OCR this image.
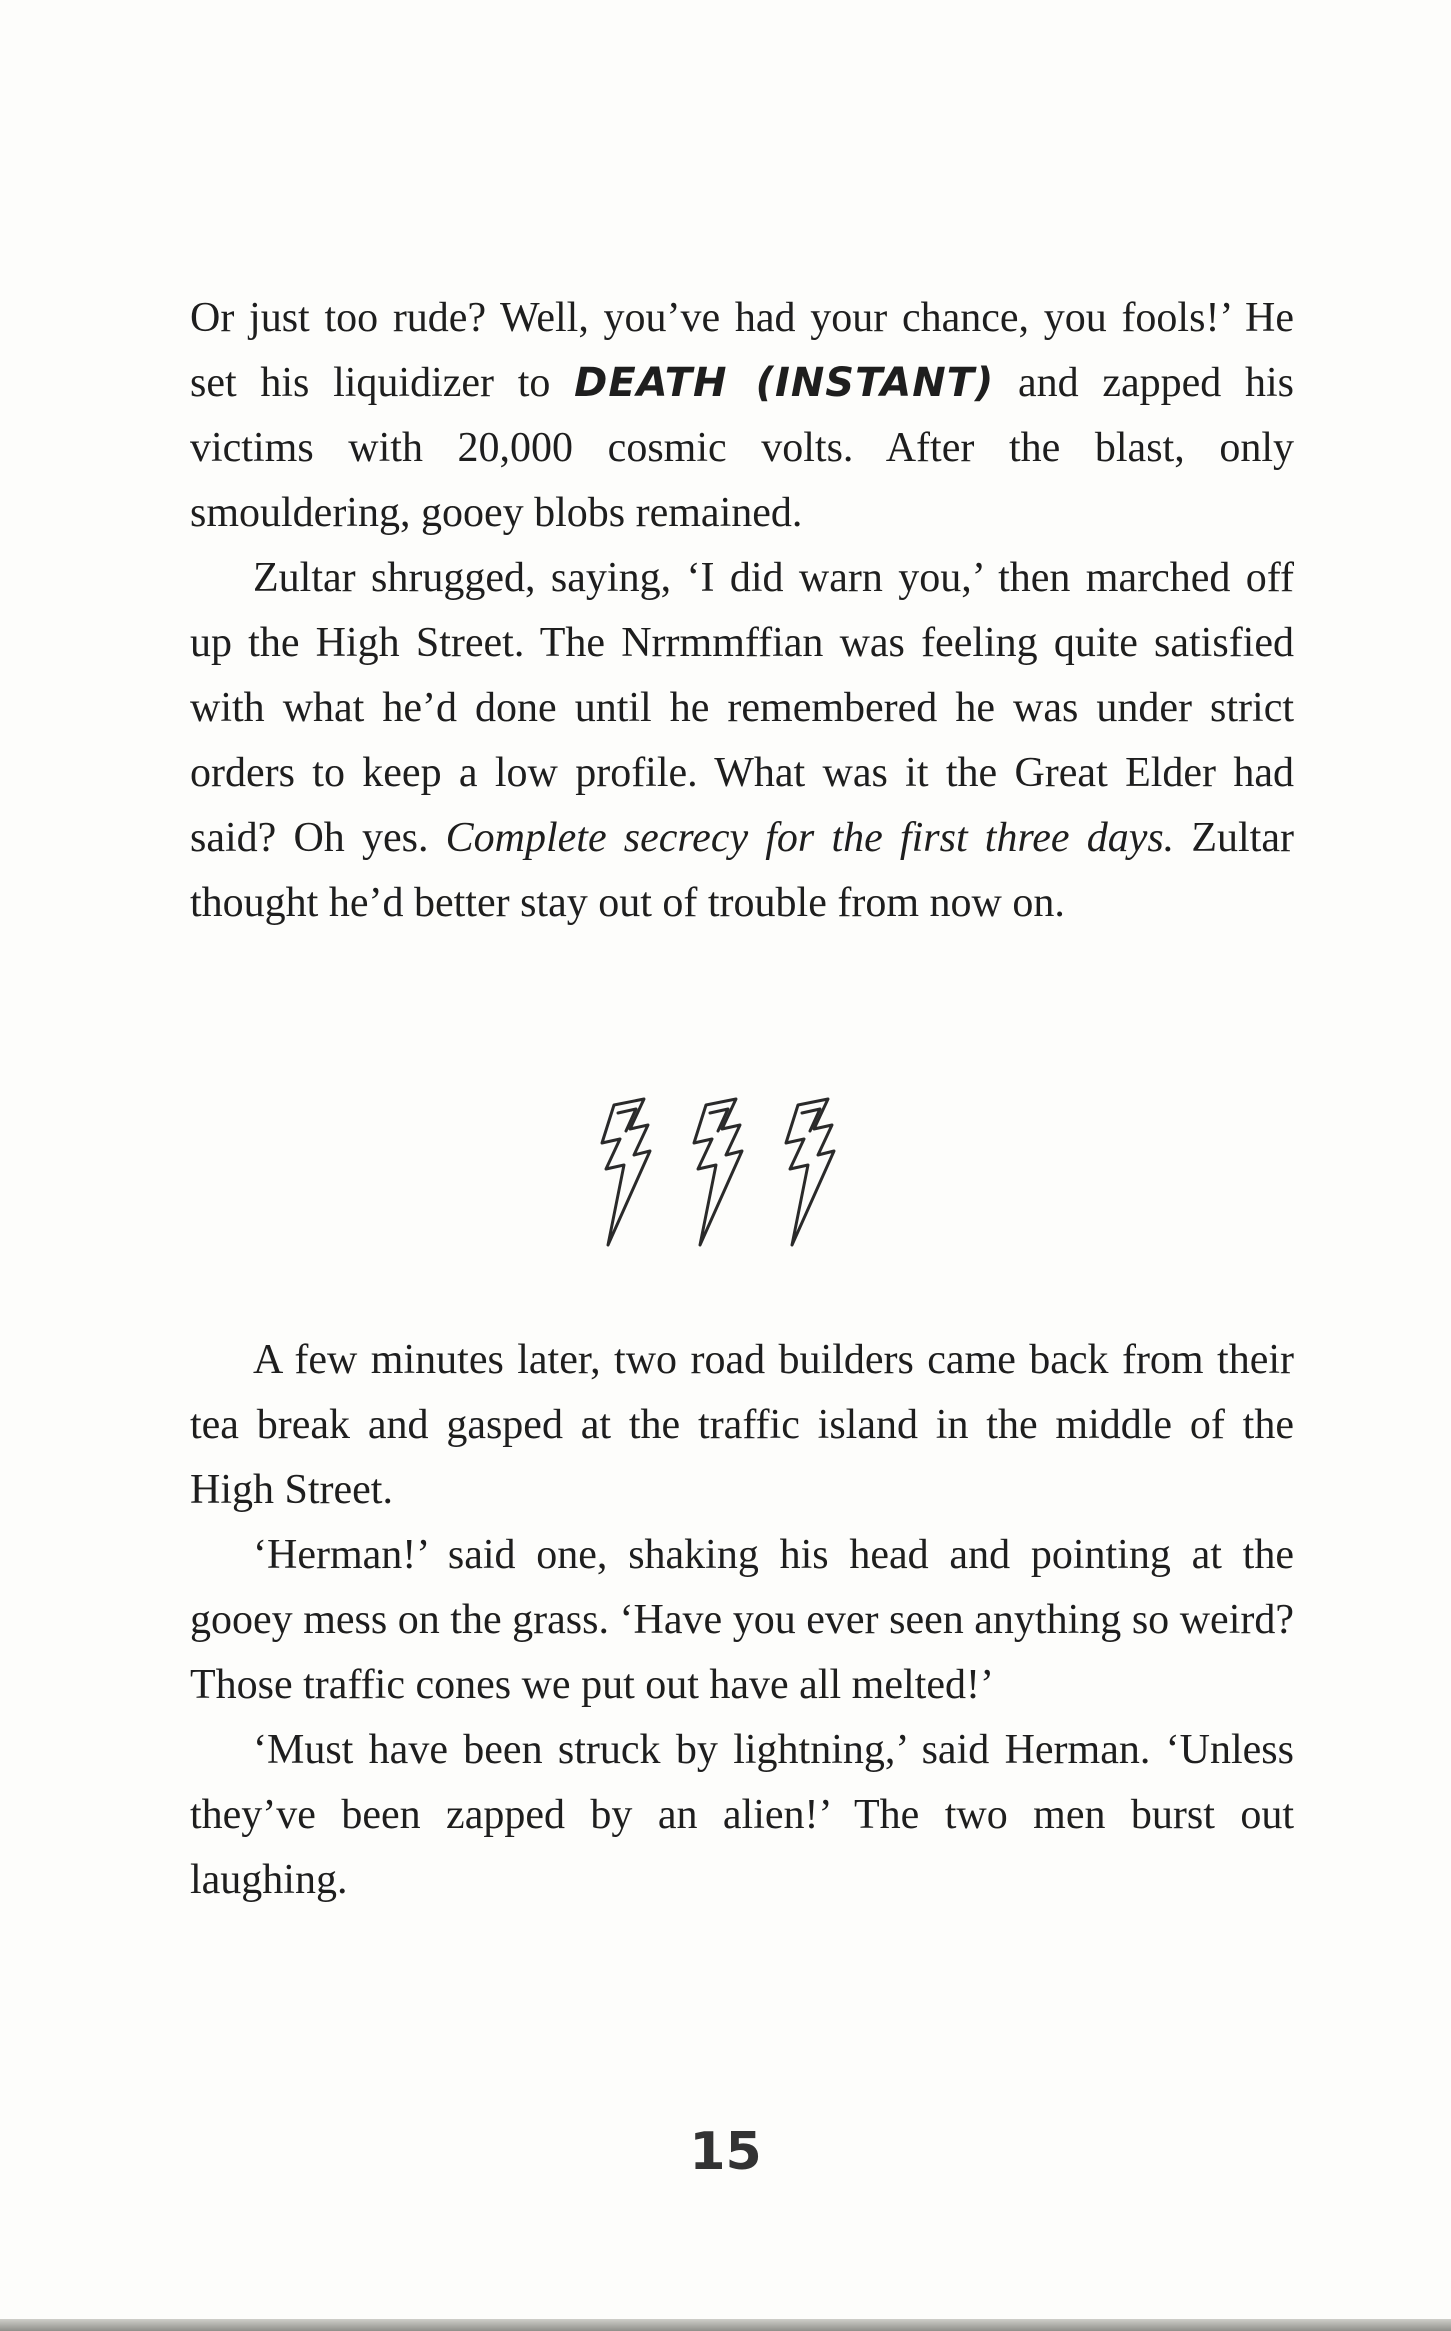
Or just too rude? Well, you’ve had your chance, you fools!’ He set his liquidizer to DEATH (INSTANT) and zapped his victims with 20,000 cosmic volts. After the blast, only smouldering, gooey blobs remained.

Zultar shrugged, saying, ‘I did warn you,’ then marched off up the High Street. The Nrrmmffian was feeling quite satisfied with what he’d done until he remembered he was under strict orders to keep a low profile. What was it the Great Elder had said? Oh yes. Complete secrecy for the first three days. Zultar thought he’d better stay out of trouble from now on.

A few minutes later, two road builders came back from their tea break and gasped at the traffic island in the middle of the High Street.

‘Herman!’ said one, shaking his head and pointing at the gooey mess on the grass. ‘Have you ever seen anything so weird? Those traffic cones we put out have all melted!’

‘Must have been struck by lightning,’ said Herman. ‘Unless they’ve been zapped by an alien!’ The two men burst out laughing.

15
